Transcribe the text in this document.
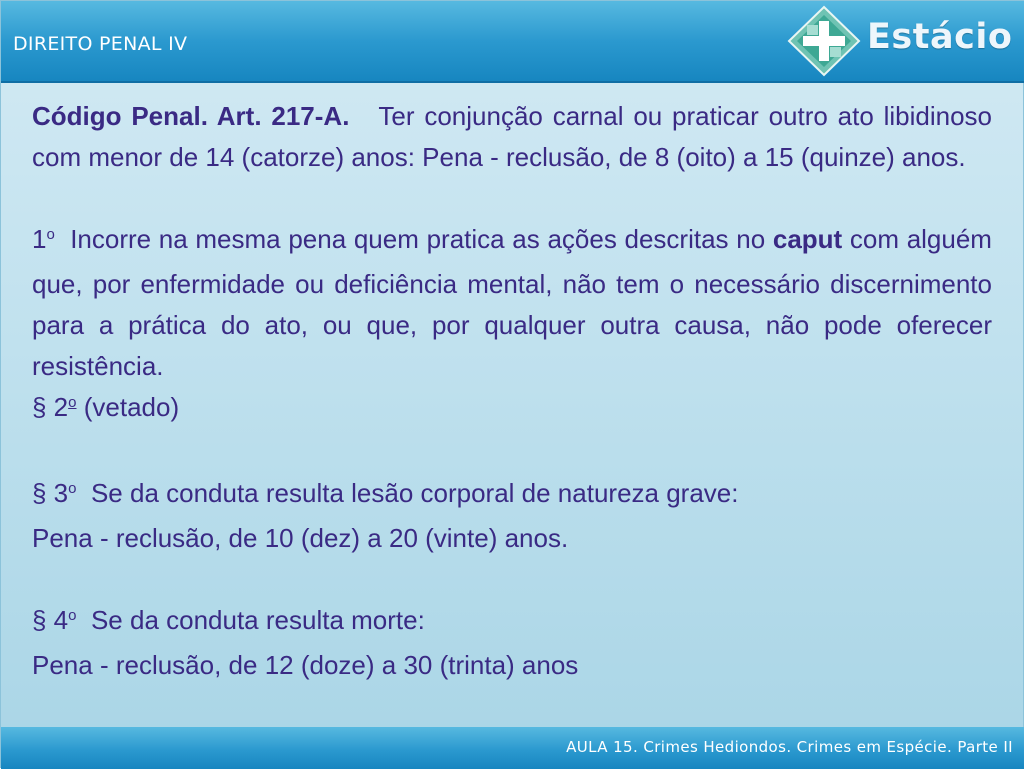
DIREITO PENAL IV	Estácio

Código Penal. Art. 217-A. Ter conjunção carnal ou praticar outro ato libidinoso com menor de 14 (catorze) anos: Pena - reclusão, de 8 (oito) a 15 (quinze) anos.

1$^o$ Incorre na mesma pena quem pratica as ações descritas no caput com alguém que, por enfermidade ou deficiência mental, não tem o necessário discernimento para a prática do ato, ou que, por qualquer outra causa, não pode oferecer resistência.

§ 2$^o$ (vetado)

§ 3$^o$ Se da conduta resulta lesão corporal de natureza grave:

Pena - reclusão, de 10 (dez) a 20 (vinte) anos.

§ 4$^o$ Se da conduta resulta morte:

Pena - reclusão, de 12 (doze) a 30 (trinta) anos

AULA 15. Crimes Hediondos. Crimes em Espécie. Parte II
